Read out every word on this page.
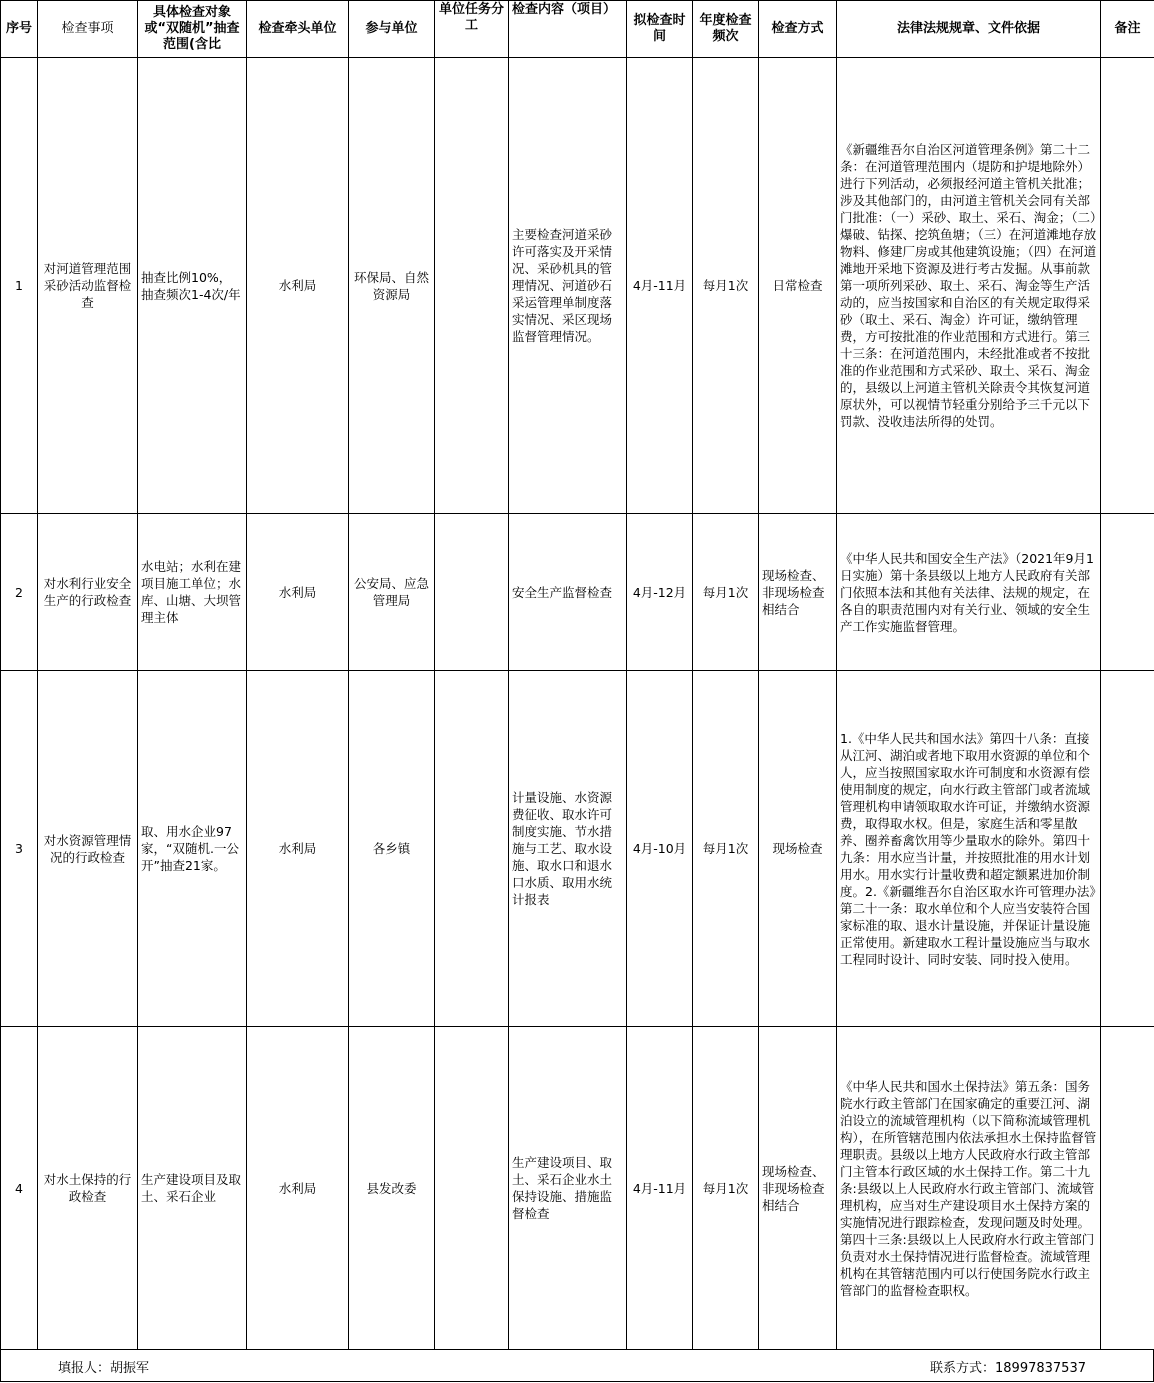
序号	检查事项	具体检查对象或“双随机”抽查范围(含比	检查牵头单位	参与单位	单位任务分工	检查内容（项目）	拟检查时间	年度检查频次	检查方式	法律法规规章、文件依据	备注
1	对河道管理范围采砂活动监督检查	抽查比例10%，抽查频次1-4次/年	水利局	环保局、自然资源局		主要检查河道采砂许可落实及开采情况、采砂机具的管理情况、河道砂石采运管理单制度落实情况、采区现场监督管理情况。	4月-11月	每月1次	日常检查	《新疆维吾尔自治区河道管理条例》第二十二条：在河道管理范围内（堤防和护堤地除外）进行下列活动，必须报经河道主管机关批准；涉及其他部门的，由河道主管机关会同有关部门批准：（一）采砂、取土、采石、淘金；（二）爆破、钻探、挖筑鱼塘；（三）在河道滩地存放物料、修建厂房或其他建筑设施；（四）在河道滩地开采地下资源及进行考古发掘。从事前款第一项所列采砂、取土、采石、淘金等生产活动的，应当按国家和自治区的有关规定取得采砂（取土、采石、淘金）许可证，缴纳管理费，方可按批准的作业范围和方式进行。第三十三条：在河道范围内，未经批准或者不按批准的作业范围和方式采砂、取土、采石、淘金的，县级以上河道主管机关除责令其恢复河道原状外，可以视情节轻重分别给予三千元以下罚款、没收违法所得的处罚。	
2	对水利行业安全生产的行政检查	水电站；水利在建项目施工单位；水库、山塘、大坝管理主体	水利局	公安局、应急管理局		安全生产监督检查	4月-12月	每月1次	现场检查、非现场检查相结合	《中华人民共和国安全生产法》（2021年9月1日实施）第十条县级以上地方人民政府有关部门依照本法和其他有关法律、法规的规定，在各自的职责范围内对有关行业、领域的安全生产工作实施监督管理。	
3	对水资源管理情况的行政检查	取、用水企业97家，“双随机.一公开”抽查21家。	水利局	各乡镇		计量设施、水资源费征收、取水许可制度实施、节水措施与工艺、取水设施、取水口和退水口水质、取用水统计报表	4月-10月	每月1次	现场检查	1.《中华人民共和国水法》第四十八条：直接从江河、湖泊或者地下取用水资源的单位和个人，应当按照国家取水许可制度和水资源有偿使用制度的规定，向水行政主管部门或者流域管理机构申请领取取水许可证，并缴纳水资源费，取得取水权。但是，家庭生活和零星散养、圈养畜禽饮用等少量取水的除外。第四十九条：用水应当计量，并按照批准的用水计划用水。用水实行计量收费和超定额累进加价制度。2.《新疆维吾尔自治区取水许可管理办法》第二十一条：取水单位和个人应当安装符合国家标准的取、退水计量设施，并保证计量设施正常使用。新建取水工程计量设施应当与取水工程同时设计、同时安装、同时投入使用。	
4	对水土保持的行政检查	生产建设项目及取土、采石企业	水利局	县发改委		生产建设项目、取土、采石企业水土保持设施、措施监督检查	4月-11月	每月1次	现场检查、非现场检查相结合	《中华人民共和国水土保持法》第五条：国务院水行政主管部门在国家确定的重要江河、湖泊设立的流域管理机构（以下简称流域管理机构），在所管辖范围内依法承担水土保持监督管理职责。县级以上地方人民政府水行政主管部门主管本行政区域的水土保持工作。第二十九条:县级以上人民政府水行政主管部门、流域管理机构，应当对生产建设项目水土保持方案的实施情况进行跟踪检查，发现问题及时处理。第四十三条:县级以上人民政府水行政主管部门负责对水土保持情况进行监督检查。流域管理机构在其管辖范围内可以行使国务院水行政主管部门的监督检查职权。	
填报人：胡振军	联系方式：18997837537
